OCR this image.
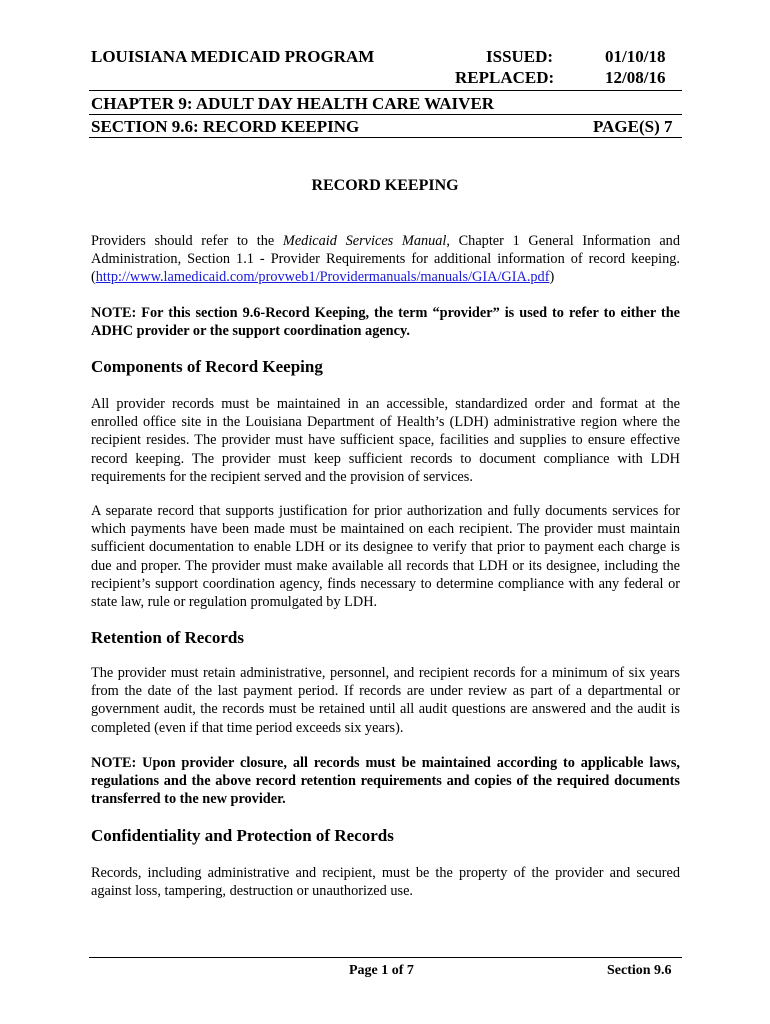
LOUISIANA MEDICAID PROGRAM	ISSUED:	01/10/18
REPLACED:	12/08/16
CHAPTER 9: ADULT DAY HEALTH CARE WAIVER
SECTION 9.6: RECORD KEEPING	PAGE(S) 7
RECORD KEEPING
Providers should refer to the Medicaid Services Manual, Chapter 1 General Information and Administration, Section 1.1 - Provider Requirements for additional information of record keeping. (http://www.lamedicaid.com/provweb1/Providermanuals/manuals/GIA/GIA.pdf)
NOTE: For this section 9.6-Record Keeping, the term “provider” is used to refer to either the ADHC provider or the support coordination agency.
Components of Record Keeping
All provider records must be maintained in an accessible, standardized order and format at the enrolled office site in the Louisiana Department of Health’s (LDH) administrative region where the recipient resides. The provider must have sufficient space, facilities and supplies to ensure effective record keeping. The provider must keep sufficient records to document compliance with LDH requirements for the recipient served and the provision of services.
A separate record that supports justification for prior authorization and fully documents services for which payments have been made must be maintained on each recipient. The provider must maintain sufficient documentation to enable LDH or its designee to verify that prior to payment each charge is due and proper. The provider must make available all records that LDH or its designee, including the recipient’s support coordination agency, finds necessary to determine compliance with any federal or state law, rule or regulation promulgated by LDH.
Retention of Records
The provider must retain administrative, personnel, and recipient records for a minimum of six years from the date of the last payment period. If records are under review as part of a departmental or government audit, the records must be retained until all audit questions are answered and the audit is completed (even if that time period exceeds six years).
NOTE: Upon provider closure, all records must be maintained according to applicable laws, regulations and the above record retention requirements and copies of the required documents transferred to the new provider.
Confidentiality and Protection of Records
Records, including administrative and recipient, must be the property of the provider and secured against loss, tampering, destruction or unauthorized use.
Page 1 of 7	Section 9.6
